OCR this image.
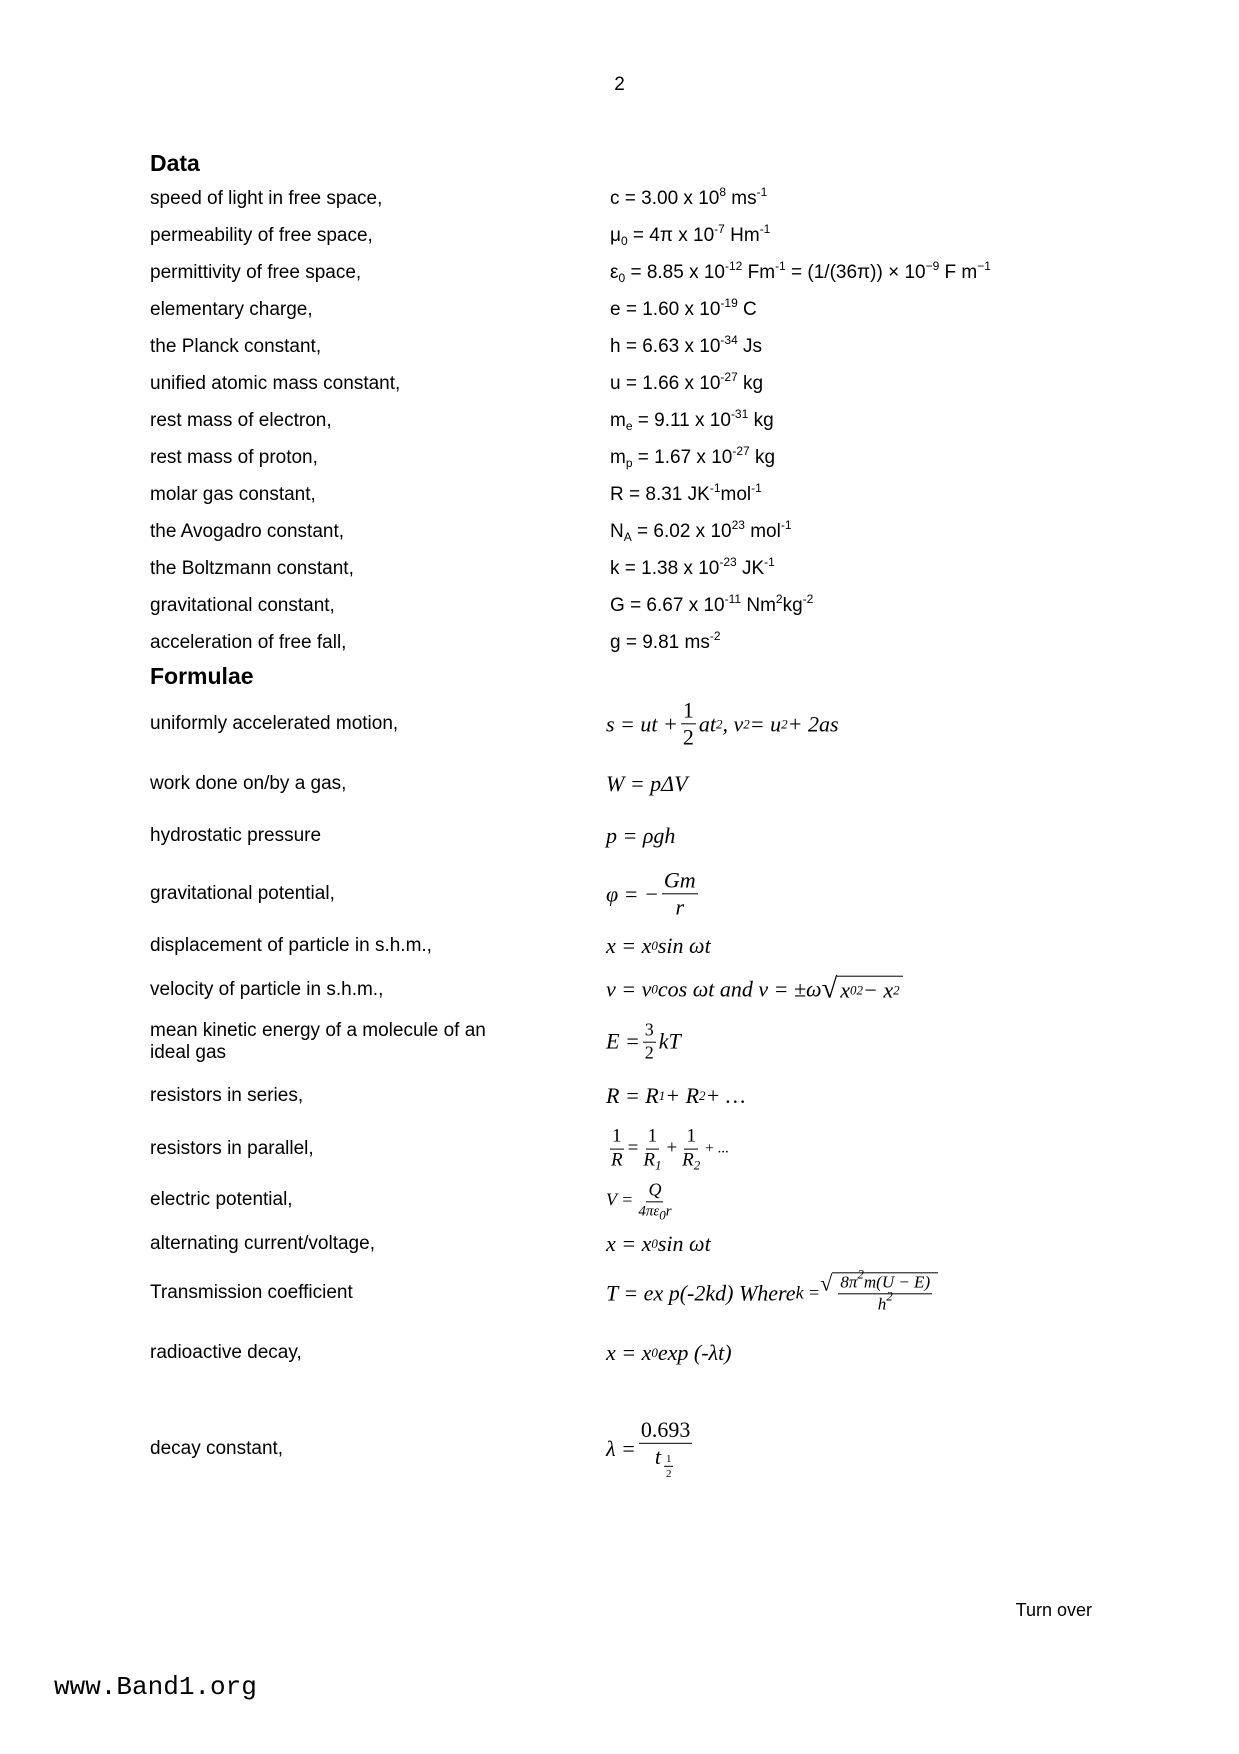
2
Data
speed of light in free space,	c = 3.00 x $10^8$ $ms^{-1}$
permeability of free space,	$\mu_0 = 4\pi$ x $10^{-7}$ $Hm^{-1}$
permittivity of free space,	$\varepsilon_0 = 8.85$ x $10^{-12}$ $Fm^{-1} = (1/(36\pi)) \times 10^{-9}$ F $m^{-1}$
elementary charge,	e = 1.60 x $10^{-19}$ C
the Planck constant,	h = 6.63 x $10^{-34}$ Js
unified atomic mass constant,	u = 1.66 x $10^{-27}$ kg
rest mass of electron,	$m_e = 9.11$ x $10^{-31}$ kg
rest mass of proton,	$m_p = 1.67$ x $10^{-27}$ kg
molar gas constant,	R = 8.31 $JK^{-1}mol^{-1}$
the Avogadro constant,	$N_A = 6.02$ x $10^{23}$ mol$^{-1}$
the Boltzmann constant,	k = 1.38 x $10^{-23}$ $JK^{-1}$
gravitational constant,	G = 6.67 x $10^{-11}$ $Nm^2kg^{-2}$
acceleration of free fall,	g = 9.81 $ms^{-2}$
Formulae
uniformly accelerated motion,	s = ut + $\frac{1}{2}$ at 2 , v 2 = u 2 + 2as
work done on/by a gas,	W = pΔV
hydrostatic pressure	p = ρgh
gravitational potential,	φ = − $\frac{Gm}{r}$
displacement of particle in s.h.m.,	x = x 0 sin ωt
velocity of particle in s.h.m.,	v = v 0 cos ωt and v = ±ω √ x 0 2 − x 2
mean kinetic energy of a molecule of an
ideal gas	$E = \frac{3}{2}$ kT
resistors in series,	R = R 1 + R 2 + …
resistors in parallel,	$\frac{1}{R} = \frac{1}{R_1} + \frac{1}{R_2}$ + ...
electric potential,	$V = \frac{Q}{4\pi\varepsilon_0r}$
alternating current/voltage,	x = x 0 sin ωt
Transmission coefficient	T = ex p(-2kd) Where k = √ $\frac{8\pi^2m(U - E)}{h^2}$
radioactive decay,	x = x 0 exp (-λt)
decay constant,	$\lambda = \frac{0.693}{t \frac{1}{2}}$
Turn over
www.Band1.org
